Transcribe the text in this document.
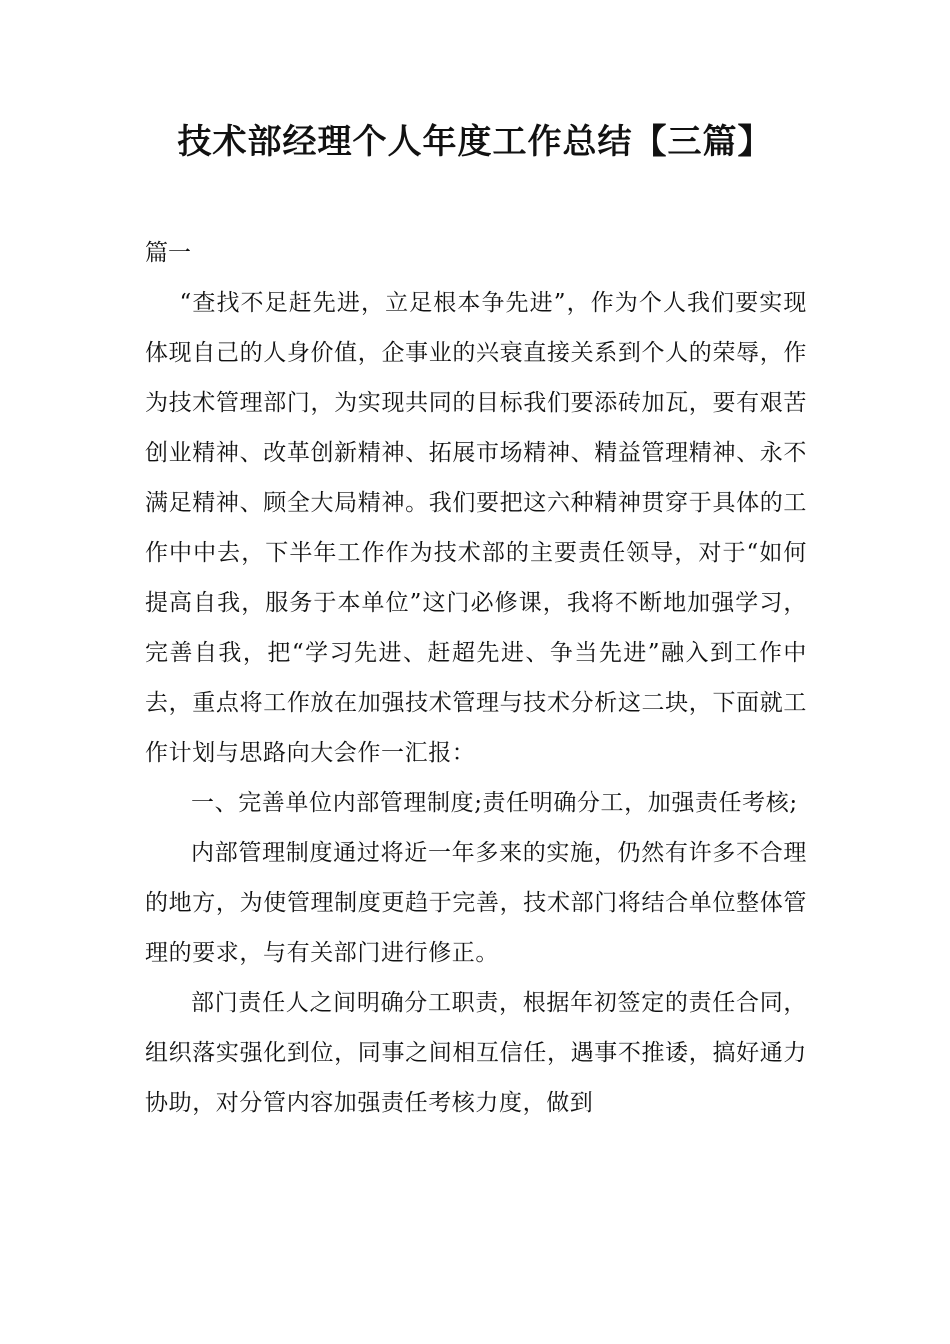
技术部经理个人年度工作总结【三篇】

篇一

“查找不足赶先进，立足根本争先进”，作为个人我们要实现体现自己的人身价值，企事业的兴衰直接关系到个人的荣辱，作为技术管理部门，为实现共同的目标我们要添砖加瓦，要有艰苦创业精神、改革创新精神、拓展市场精神、精益管理精神、永不满足精神、顾全大局精神。我们要把这六种精神贯穿于具体的工作中中去，下半年工作作为技术部的主要责任领导，对于“如何提高自我，服务于本单位”这门必修课，我将不断地加强学习，完善自我，把“学习先进、赶超先进、争当先进”融入到工作中去，重点将工作放在加强技术管理与技术分析这二块，下面就工作计划与思路向大会作一汇报：

一、完善单位内部管理制度;责任明确分工，加强责任考核;

内部管理制度通过将近一年多来的实施，仍然有许多不合理的地方，为使管理制度更趋于完善，技术部门将结合单位整体管理的要求，与有关部门进行修正。

部门责任人之间明确分工职责，根据年初签定的责任合同，组织落实强化到位，同事之间相互信任，遇事不推诿，搞好通力协助，对分管内容加强责任考核力度，做到
